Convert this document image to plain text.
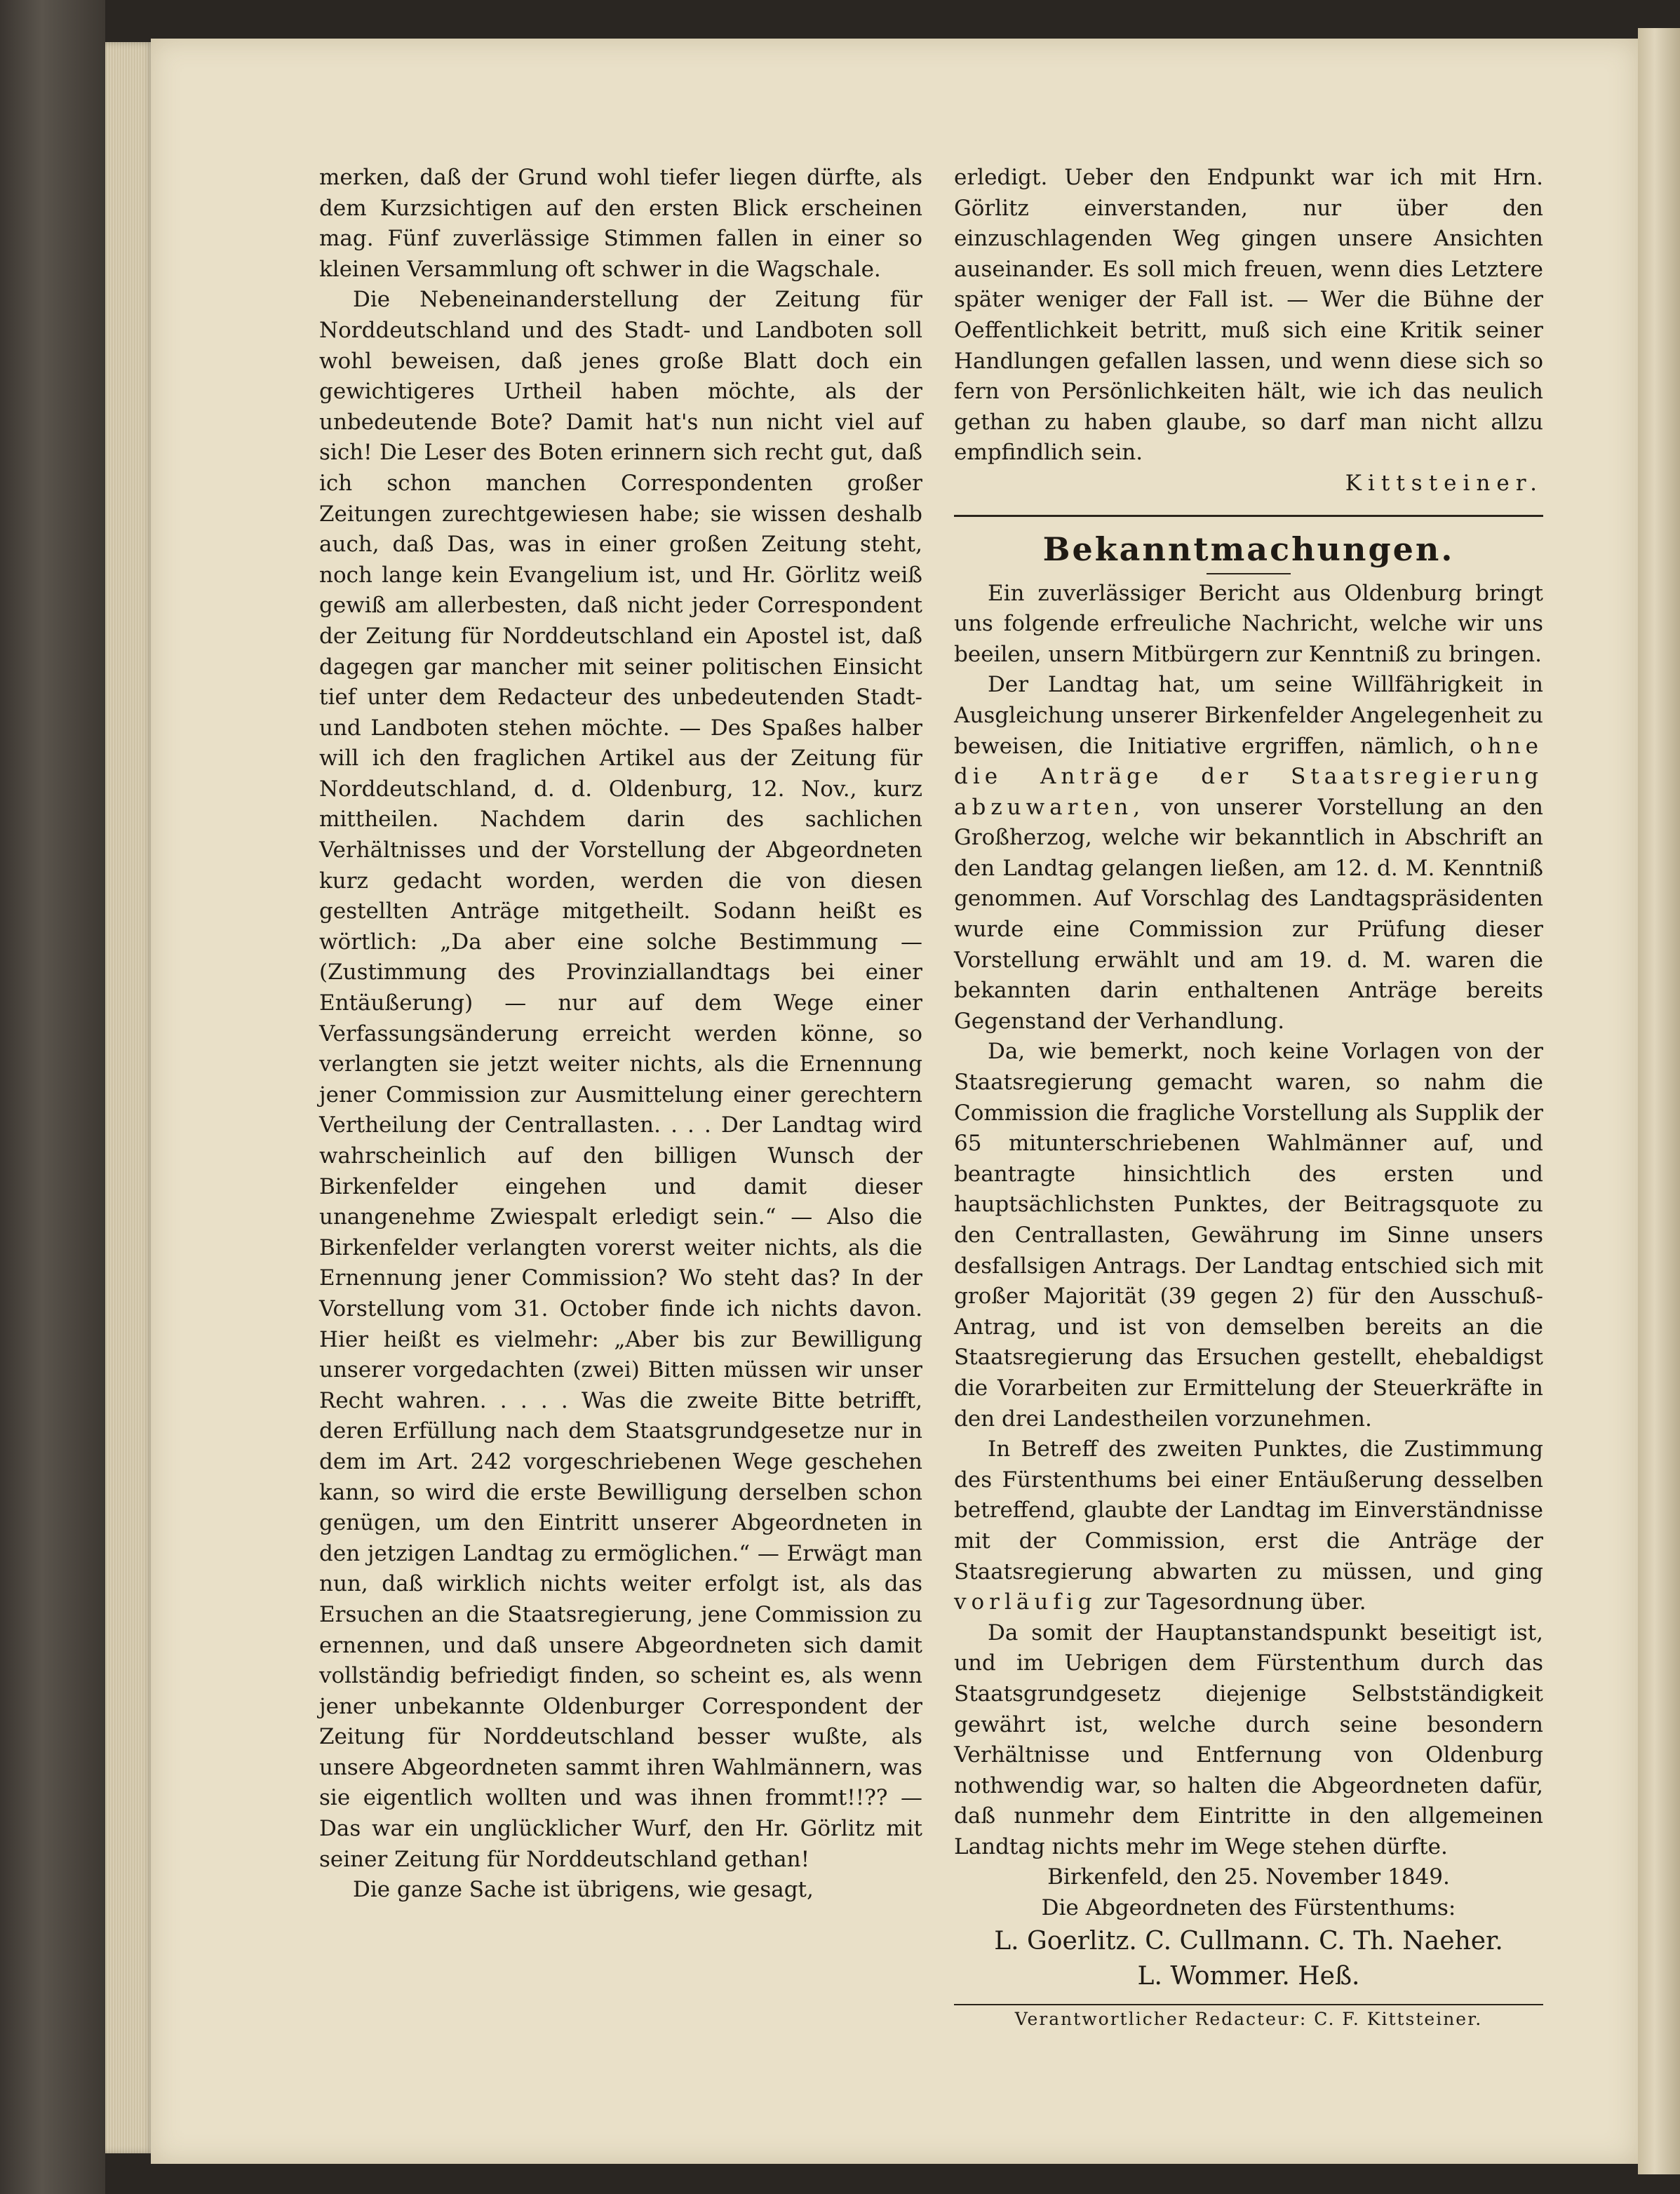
merken, daß der Grund wohl tiefer liegen dürfte, als dem Kurzsichtigen auf den ersten Blick erscheinen mag. Fünf zuverlässige Stimmen fallen in einer so kleinen Versammlung oft schwer in die Wagschale.

Die Nebeneinanderstellung der Zeitung für Norddeutschland und des Stadt- und Landboten soll wohl beweisen, daß jenes große Blatt doch ein gewichtigeres Urtheil haben möchte, als der unbedeutende Bote? Damit hat's nun nicht viel auf sich! Die Leser des Boten erinnern sich recht gut, daß ich schon manchen Correspondenten großer Zeitungen zurechtgewiesen habe; sie wissen deshalb auch, daß Das, was in einer großen Zeitung steht, noch lange kein Evangelium ist, und Hr. Görlitz weiß gewiß am allerbesten, daß nicht jeder Correspondent der Zeitung für Norddeutschland ein Apostel ist, daß dagegen gar mancher mit seiner politischen Einsicht tief unter dem Redacteur des unbedeutenden Stadt- und Landboten stehen möchte. — Des Spaßes halber will ich den fraglichen Artikel aus der Zeitung für Norddeutschland, d. d. Oldenburg, 12. Nov., kurz mittheilen. Nachdem darin des sachlichen Verhältnisses und der Vorstellung der Abgeordneten kurz gedacht worden, werden die von diesen gestellten Anträge mitgetheilt. Sodann heißt es wörtlich: „Da aber eine solche Bestimmung — (Zustimmung des Provinziallandtags bei einer Entäußerung) — nur auf dem Wege einer Verfassungsänderung erreicht werden könne, so verlangten sie jetzt weiter nichts, als die Ernennung jener Commission zur Ausmittelung einer gerechtern Vertheilung der Centrallasten. . . . Der Landtag wird wahrscheinlich auf den billigen Wunsch der Birkenfelder eingehen und damit dieser unangenehme Zwiespalt erledigt sein.“ — Also die Birkenfelder verlangten vorerst weiter nichts, als die Ernennung jener Commission? Wo steht das? In der Vorstellung vom 31. October finde ich nichts davon. Hier heißt es vielmehr: „Aber bis zur Bewilligung unserer vorgedachten (zwei) Bitten müssen wir unser Recht wahren. . . . . Was die zweite Bitte betrifft, deren Erfüllung nach dem Staatsgrundgesetze nur in dem im Art. 242 vorgeschriebenen Wege geschehen kann, so wird die erste Bewilligung derselben schon genügen, um den Eintritt unserer Abgeordneten in den jetzigen Landtag zu ermöglichen.“ — Erwägt man nun, daß wirklich nichts weiter erfolgt ist, als das Ersuchen an die Staatsregierung, jene Commission zu ernennen, und daß unsere Abgeordneten sich damit vollständig befriedigt finden, so scheint es, als wenn jener unbekannte Oldenburger Correspondent der Zeitung für Norddeutschland besser wußte, als unsere Abgeordneten sammt ihren Wahlmännern, was sie eigentlich wollten und was ihnen frommt!!?? — Das war ein unglücklicher Wurf, den Hr. Görlitz mit seiner Zeitung für Norddeutschland gethan!

Die ganze Sache ist übrigens, wie gesagt,

erledigt. Ueber den Endpunkt war ich mit Hrn. Görlitz einverstanden, nur über den einzuschlagenden Weg gingen unsere Ansichten auseinander. Es soll mich freuen, wenn dies Letztere später weniger der Fall ist. — Wer die Bühne der Oeffentlichkeit betritt, muß sich eine Kritik seiner Handlungen gefallen lassen, und wenn diese sich so fern von Persönlichkeiten hält, wie ich das neulich gethan zu haben glaube, so darf man nicht allzu empfindlich sein.

Kittsteiner.

Bekanntmachungen.

Ein zuverlässiger Bericht aus Oldenburg bringt uns folgende erfreuliche Nachricht, welche wir uns beeilen, unsern Mitbürgern zur Kenntniß zu bringen.

Der Landtag hat, um seine Willfährigkeit in Ausgleichung unserer Birkenfelder Angelegenheit zu beweisen, die Initiative ergriffen, nämlich, ohne die Anträge der Staatsregierung abzuwarten, von unserer Vorstellung an den Großherzog, welche wir bekanntlich in Abschrift an den Landtag gelangen ließen, am 12. d. M. Kenntniß genommen. Auf Vorschlag des Landtagspräsidenten wurde eine Commission zur Prüfung dieser Vorstellung erwählt und am 19. d. M. waren die bekannten darin enthaltenen Anträge bereits Gegenstand der Verhandlung.

Da, wie bemerkt, noch keine Vorlagen von der Staatsregierung gemacht waren, so nahm die Commission die fragliche Vorstellung als Supplik der 65 mitunterschriebenen Wahlmänner auf, und beantragte hinsichtlich des ersten und hauptsächlichsten Punktes, der Beitragsquote zu den Centrallasten, Gewährung im Sinne unsers desfallsigen Antrags. Der Landtag entschied sich mit großer Majorität (39 gegen 2) für den Ausschuß-Antrag, und ist von demselben bereits an die Staatsregierung das Ersuchen gestellt, ehebaldigst die Vorarbeiten zur Ermittelung der Steuerkräfte in den drei Landestheilen vorzunehmen.

In Betreff des zweiten Punktes, die Zustimmung des Fürstenthums bei einer Entäußerung desselben betreffend, glaubte der Landtag im Einverständnisse mit der Commission, erst die Anträge der Staatsregierung abwarten zu müssen, und ging vorläufig zur Tagesordnung über.

Da somit der Hauptanstandspunkt beseitigt ist, und im Uebrigen dem Fürstenthum durch das Staatsgrundgesetz diejenige Selbstständigkeit gewährt ist, welche durch seine besondern Verhältnisse und Entfernung von Oldenburg nothwendig war, so halten die Abgeordneten dafür, daß nunmehr dem Eintritte in den allgemeinen Landtag nichts mehr im Wege stehen dürfte.

Birkenfeld, den 25. November 1849.

Die Abgeordneten des Fürstenthums:

L. Goerlitz. C. Cullmann. C. Th. Naeher.

L. Wommer. Heß.

Verantwortlicher Redacteur: C. F. Kittsteiner.
